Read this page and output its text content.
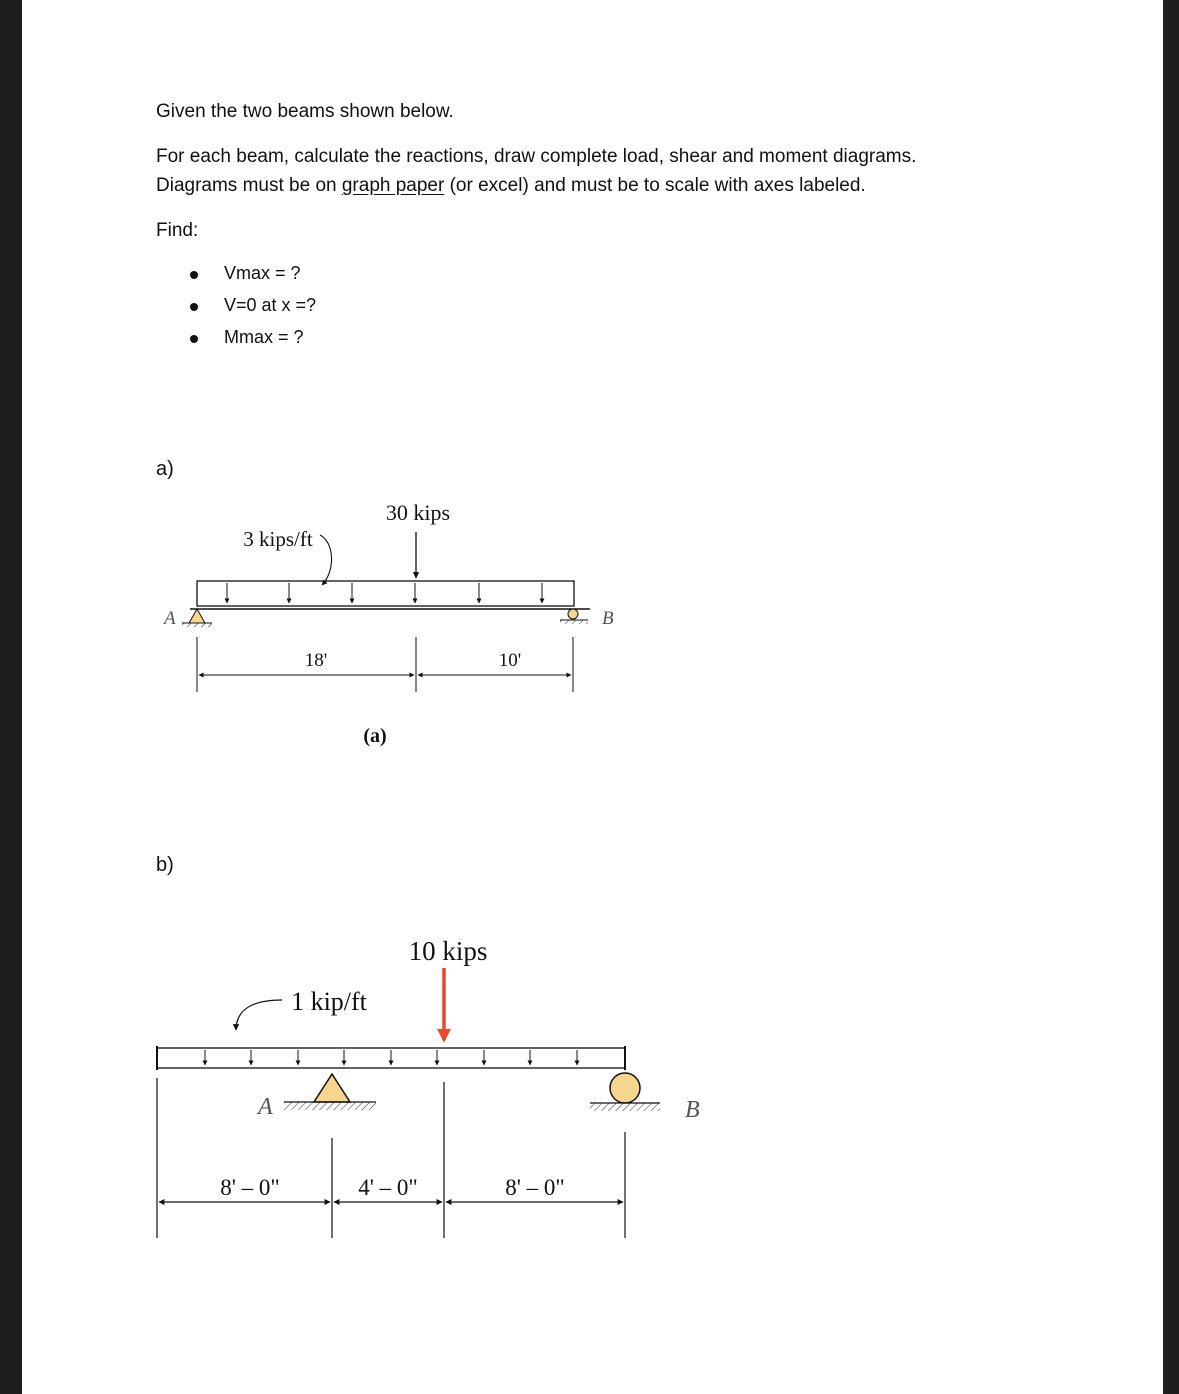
Given the two beams shown below.
For each beam, calculate the reactions, draw complete load, shear and moment diagrams.
Diagrams must be on graph paper (or excel) and must be to scale with axes labeled.
Find:
Vmax = ?
V=0 at x =?
Mmax = ?
a)
b)
30 kips
3 kips/ft
A	B
18'	10'
(a)
10 kips
1 kip/ft
A	B
8' – 0"	4' – 0"	8' – 0"
